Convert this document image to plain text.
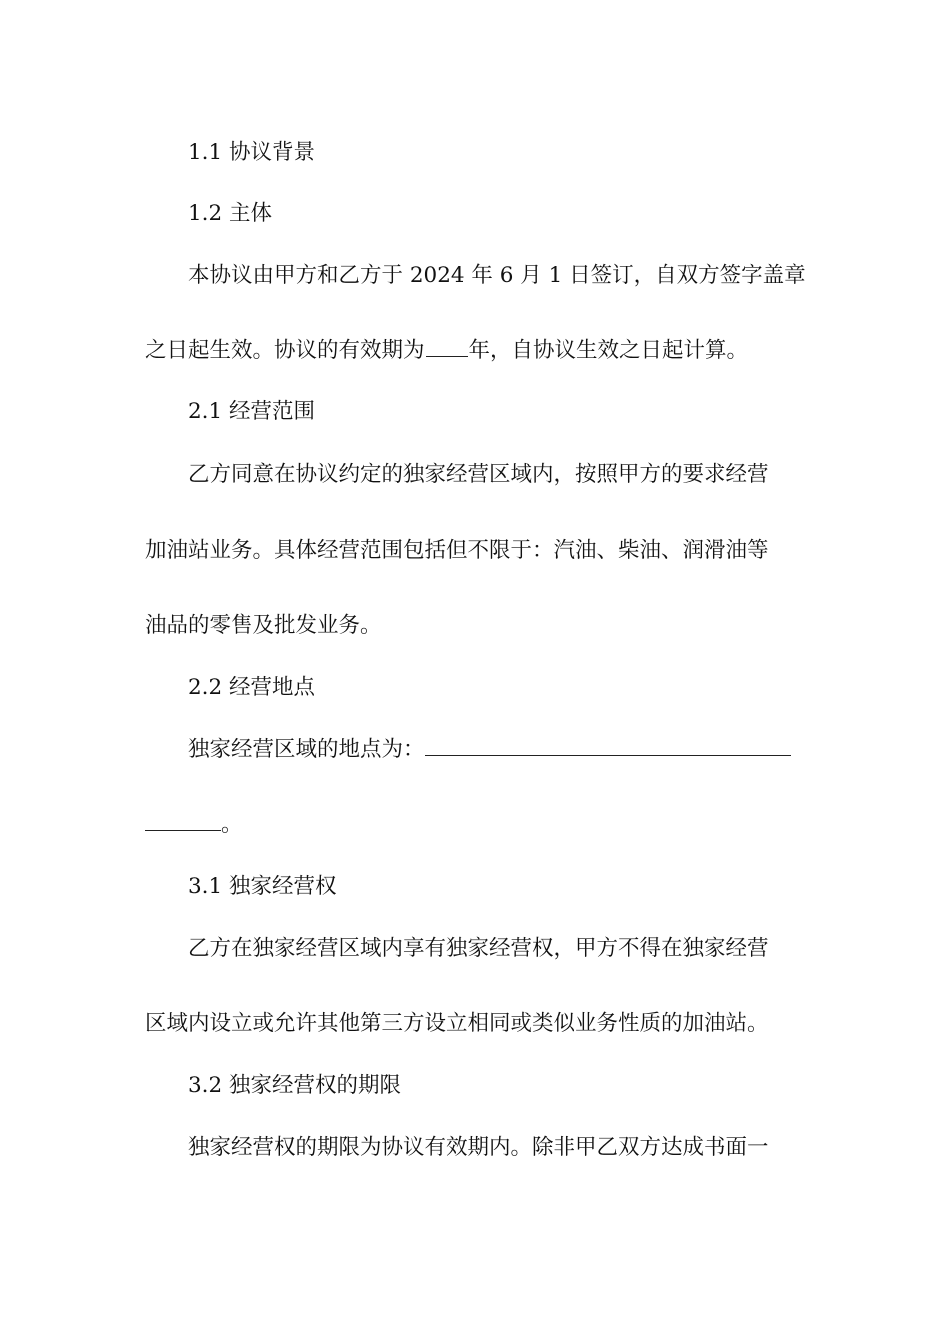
1.1 协议背景
1.2 主体
本协议由甲方和乙方于 2024 年 6 月 1 日签订，自双方签字盖章
之日起生效。协议的有效期为 年，自协议生效之日起计算。
2.1 经营范围
乙方同意在协议约定的独家经营区域内，按照甲方的要求经营
加油站业务。具体经营范围包括但不限于：汽油、柴油、润滑油等
油品的零售及批发业务。
2.2 经营地点
独家经营区域的地点为：
。
3.1 独家经营权
乙方在独家经营区域内享有独家经营权，甲方不得在独家经营
区域内设立或允许其他第三方设立相同或类似业务性质的加油站。
3.2 独家经营权的期限
独家经营权的期限为协议有效期内。除非甲乙双方达成书面一
